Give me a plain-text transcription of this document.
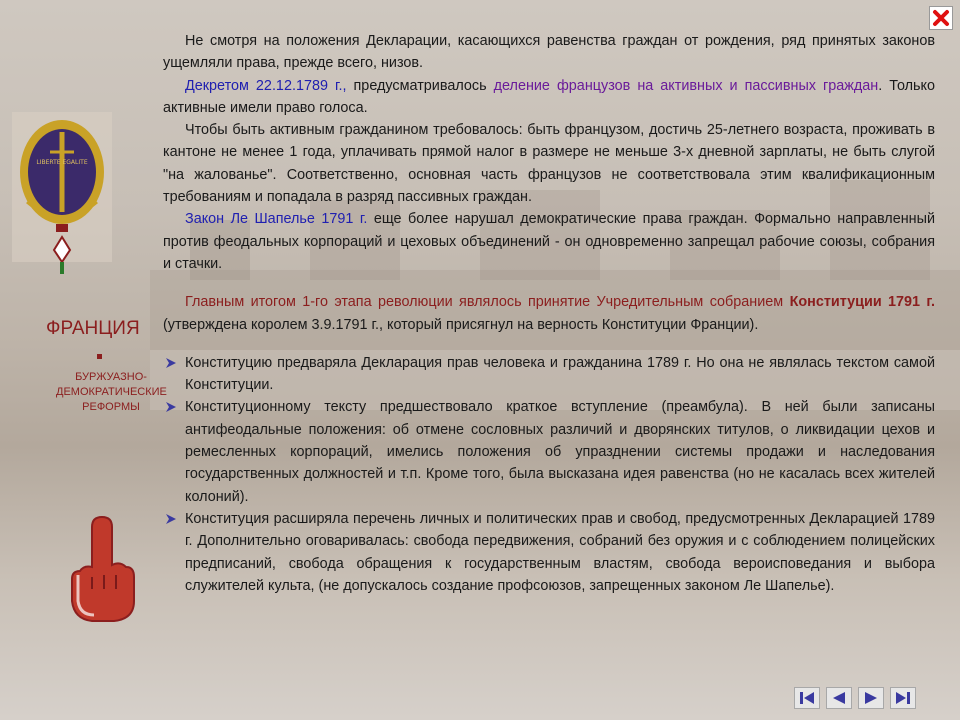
LIBERTE EGALITE
ФРАНЦИЯ
БУРЖУАЗНО-ДЕМОКРАТИЧЕСКИЕ РЕФОРМЫ

Не смотря на положения Декларации, касающихся равенства граждан от рождения, ряд принятых законов ущемляли права, прежде всего, низов.

Декретом 22.12.1789 г., предусматривалось деление французов на активных и пассивных граждан. Только активные имели право голоса.

Чтобы быть активным гражданином требовалось: быть французом, достичь 25-летнего возраста, проживать в кантоне не менее 1 года, уплачивать прямой налог в размере не меньше 3-х дневной зарплаты, не быть слугой "на жалованье". Соответственно, основная часть французов не соответствовала этим квалификационным требованиям и попадала в разряд пассивных граждан.

Закон Ле Шапелье 1791 г. еще более нарушал демократические права граждан. Формально направленный против феодальных корпораций и цеховых объединений - он одновременно запрещал рабочие союзы, собрания и стачки.

Главным итогом 1-го этапа революции являлось принятие Учредительным собранием Конституции 1791 г. (утверждена королем 3.9.1791 г., который присягнул на верность Конституции Франции).

Конституцию предваряла Декларация прав человека и гражданина 1789 г. Но она не являлась текстом самой Конституции.

Конституционному тексту предшествовало краткое вступление (преамбула). В ней были записаны антифеодальные положения: об отмене сословных различий и дворянских титулов, о ликвидации цехов и ремесленных корпораций, имелись положения об упразднении системы продажи и наследования государственных должностей и т.п. Кроме того, была высказана идея равенства (но не касалась всех жителей колоний).

Конституция расширяла перечень личных и политических прав и свобод, предусмотренных Декларацией 1789 г. Дополнительно оговаривалась: свобода передвижения, собраний без оружия и с соблюдением полицейских предписаний, свобода обращения к государственным властям, свобода вероисповедания и выбора служителей культа, (не допускалось создание профсоюзов, запрещенных законом Ле Шапелье).
